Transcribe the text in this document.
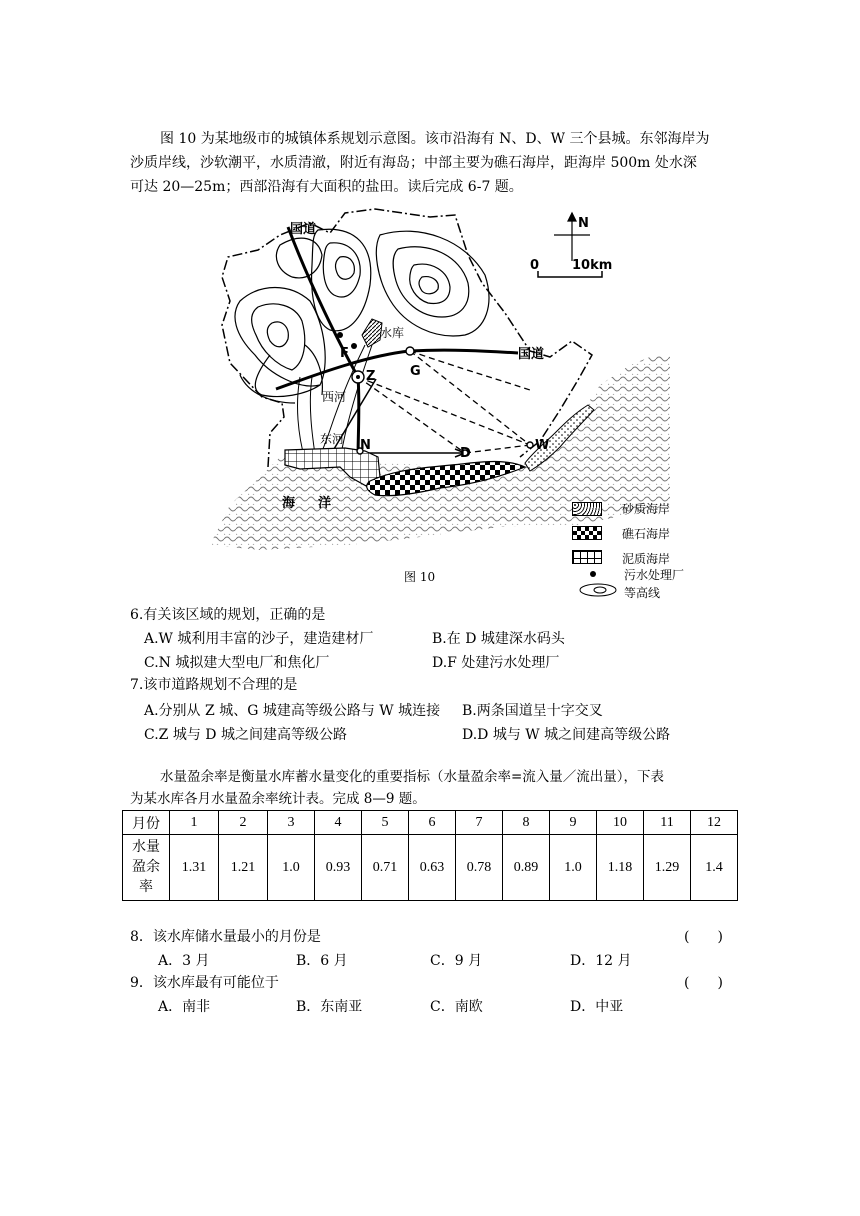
图 10 为某地级市的城镇体系规划示意图。该市沿海有 N、D、W 三个县城。东邻海岸为
沙质岸线，沙软潮平，水质清澈，附近有海岛；中部主要为礁石海岸，距海岸 500m 处水深
可达 20—25m；西部沿海有大面积的盐田。读后完成 6-7 题。
国道
国道
水库
N
0	10km
F
Z	G
N
D
W
西河
东河
海 洋	砂质海岸
礁石海岸
泥质海岸
污水处理厂
等高线
图 10
6.有关该区域的规划，正确的是
A.W 城利用丰富的沙子，建造建材厂	B.在 D 城建深水码头
C.N 城拟建大型电厂和焦化厂	D.F 处建污水处理厂
7.该市道路规划不合理的是
A.分别从 Z 城、G 城建高等级公路与 W 城连接 B.两条国道呈十字交叉
C.Z 城与 D 城之间建高等级公路	D.D 城与 W 城之间建高等级公路
水量盈余率是衡量水库蓄水量变化的重要指标（水量盈余率=流入量／流出量），下表
为某水库各月水量盈余率统计表。完成 8—9 题。
月份	1	2	3	4	5	6	7	8	9	10	11	12

水量
盈余
率	1.31	1.21	1.0	0.93	0.71	0.63	0.78	0.89	1.0	1.18	1.29	1.4
8．该水库储水量最小的月份是	(　　)
A．3 月	B．6 月	C．9 月	D．12 月
9．该水库最有可能位于	(　　)
A．南非	B．东南亚	C．南欧	D．中亚
